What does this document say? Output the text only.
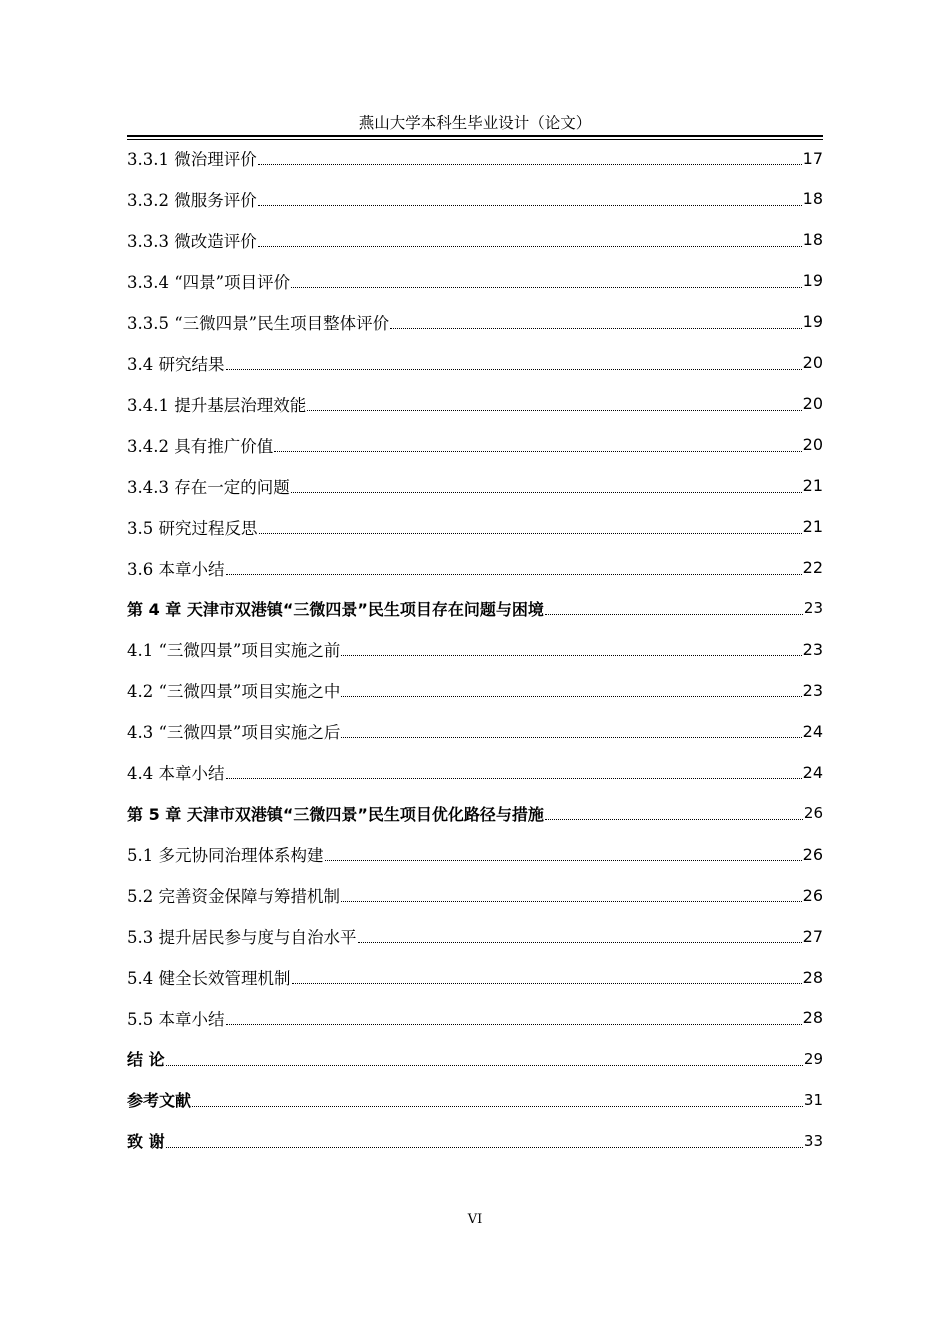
燕山大学本科生毕业设计（论文）
3.3.1 微治理评价	17
3.3.2 微服务评价	18
3.3.3 微改造评价	18
3.3.4 “四景”项目评价	19
3.3.5 “三微四景”民生项目整体评价	19
3.4 研究结果	20
3.4.1 提升基层治理效能	20
3.4.2 具有推广价值	20
3.4.3 存在一定的问题	21
3.5 研究过程反思	21
3.6 本章小结	22
第 4 章 天津市双港镇“三微四景”民生项目存在问题与困境	23
4.1 “三微四景”项目实施之前	23
4.2 “三微四景”项目实施之中	23
4.3 “三微四景”项目实施之后	24
4.4 本章小结	24
第 5 章 天津市双港镇“三微四景”民生项目优化路径与措施	26
5.1 多元协同治理体系构建	26
5.2 完善资金保障与筹措机制	26
5.3 提升居民参与度与自治水平	27
5.4 健全长效管理机制	28
5.5 本章小结	28
结 论	29
参考文献	31
致 谢	33
VI
